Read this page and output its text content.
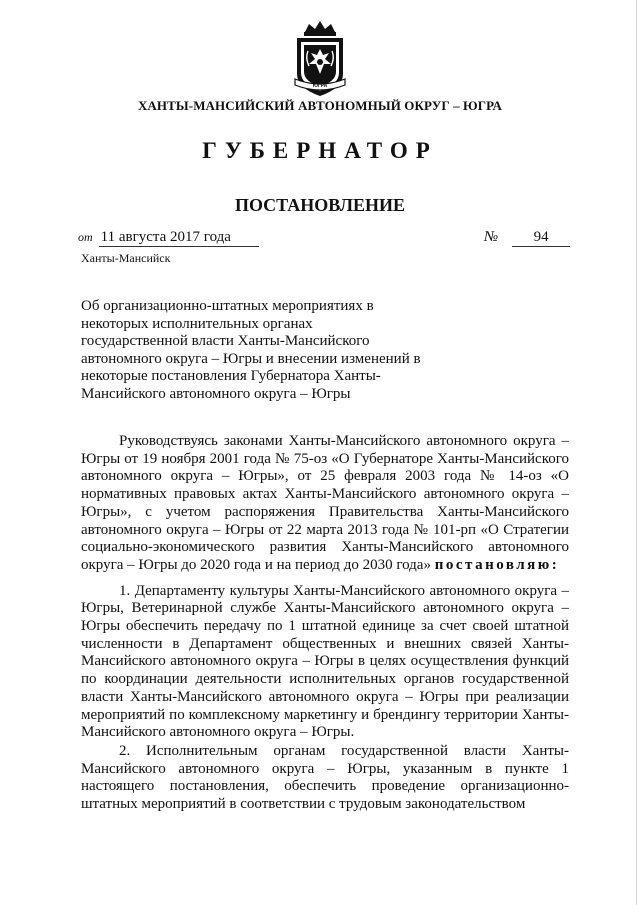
ЮГРА
ХАНТЫ-МАНСИЙСКИЙ АВТОНОМНЫЙ ОКРУГ – ЮГРА
ГУБЕРНАТОР
ПОСТАНОВЛЕНИЕ
от 11 августа 2017 года	№ 94
Ханты-Мансийск
Об организационно-штатных мероприятиях в некоторых исполнительных органах государственной власти Ханты-Мансийского автономного округа – Югры и внесении изменений в некоторые постановления Губернатора Ханты-Мансийского автономного округа – Югры

Руководствуясь законами Ханты-Мансийского автономного округа – Югры от 19 ноября 2001 года № 75-оз «О Губернаторе Ханты-Мансийского автономного округа – Югры», от 25 февраля 2003 года № 14-оз «О нормативных правовых актах Ханты-Мансийского автономного округа – Югры», с учетом распоряжения Правительства Ханты-Мансийского автономного округа – Югры от 22 марта 2013 года № 101-рп «О Стратегии социально-экономического развития Ханты-Мансийского автономного округа – Югры до 2020 года и на период до 2030 года» постановляю:

1. Департаменту культуры Ханты-Мансийского автономного округа – Югры, Ветеринарной службе Ханты-Мансийского автономного округа – Югры обеспечить передачу по 1 штатной единице за счет своей штатной численности в Департамент общественных и внешних связей Ханты-Мансийского автономного округа – Югры в целях осуществления функций по координации деятельности исполнительных органов государственной власти Ханты-Мансийского автономного округа – Югры при реализации мероприятий по комплексному маркетингу и брендингу территории Ханты-Мансийского автономного округа – Югры.

2. Исполнительным органам государственной власти Ханты-Мансийского автономного округа – Югры, указанным в пункте 1 настоящего постановления, обеспечить проведение организационно-штатных мероприятий в соответствии с трудовым законодательством
